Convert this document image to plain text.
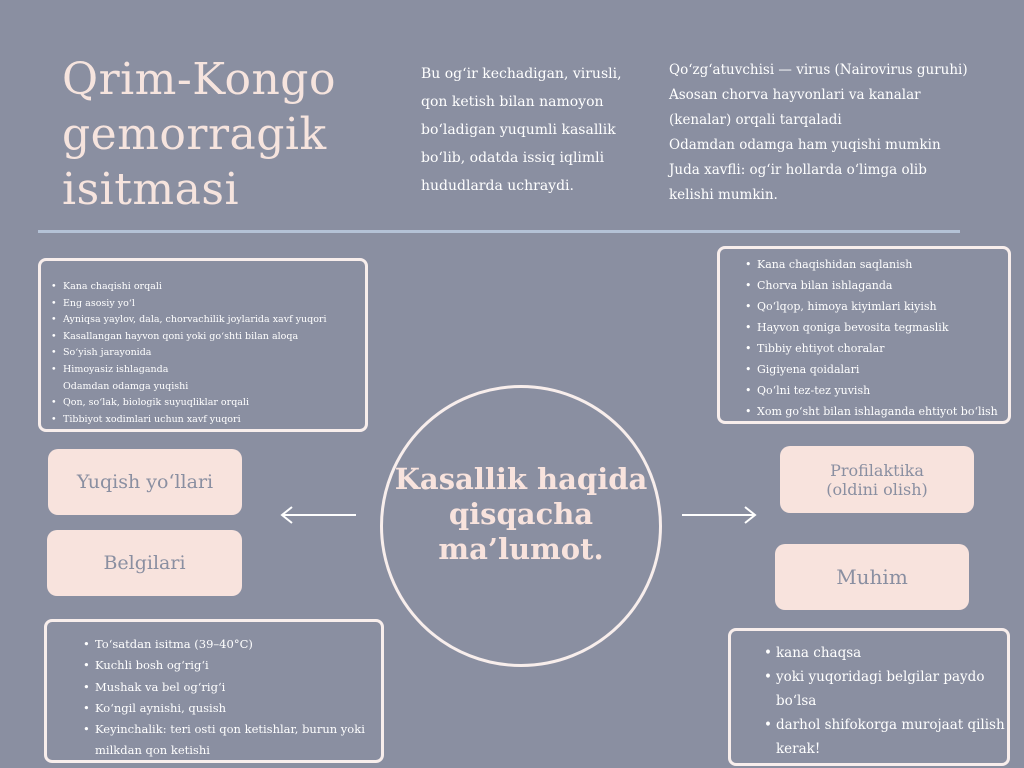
Qrim-Kongo
gemorragik
isitmasi
Bu og‘ir kechadigan, virusli, qon ketish bilan namoyon bo‘ladigan yuqumli kasallik bo‘lib, odatda issiq iqlimli hududlarda uchraydi.
Qo‘zg‘atuvchisi — virus (Nairovirus guruhi)
Asosan chorva hayvonlari va kanalar
(kenalar) orqali tarqaladi
Odamdan odamga ham yuqishi mumkin
Juda xavfli: og‘ir hollarda o‘limga olib
kelishi mumkin.
• Kana chaqishi orqali
• Eng asosiy yo‘l
• Ayniqsa yaylov, dala, chorvachilik joylarida xavf yuqori
• Kasallangan hayvon qoni yoki go‘shti bilan aloqa
• So‘yish jarayonida
• Himoyasiz ishlaganda
Odamdan odamga yuqishi
• Qon, so‘lak, biologik suyuqliklar orqali
• Tibbiyot xodimlari uchun xavf yuqori
• Kana chaqishidan saqlanish
• Chorva bilan ishlaganda
• Qo‘lqop, himoya kiyimlari kiyish
• Hayvon qoniga bevosita tegmaslik
• Tibbiy ehtiyot choralar
• Gigiyena qoidalari
• Qo‘lni tez-tez yuvish
• Xom go‘sht bilan ishlaganda ehtiyot bo‘lish
Yuqish yo‘llari
Belgilari
Profilaktika
(oldini olish)
Muhim
Kasallik haqida
qisqacha
ma’lumot.
• To‘satdan isitma (39–40°C)
• Kuchli bosh og‘rig‘i
• Mushak va bel og‘rig‘i
• Ko‘ngil aynishi, qusish
• Keyinchalik: teri osti qon ketishlar, burun yoki
milkdan qon ketishi
• kana chaqsa
• yoki yuqoridagi belgilar paydo
bo‘lsa
• darhol shifokorga murojaat qilish
kerak!
